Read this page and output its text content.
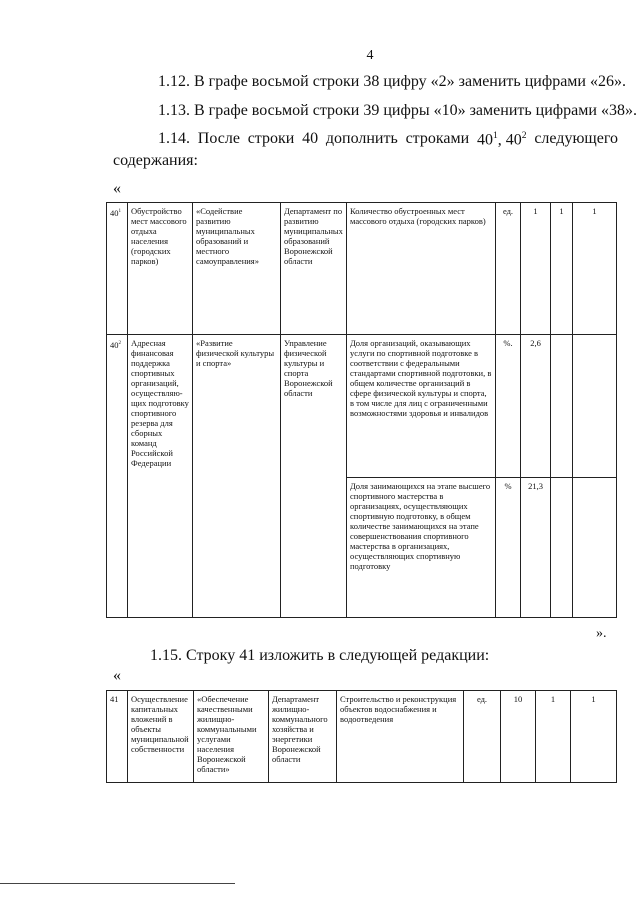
4
1.12. В графе восьмой строки 38 цифру «2» заменить цифрами «26».
1.13. В графе восьмой строки 39 цифры «10» заменить цифрами «38».
1.14. После строки 40 дополнить строками $40^1$, $40^2$ следующего
содержания:
«
$40^1$	Обустройство мест массового отдыха населения (городских парков)	«Содействие развитию муниципальных образований и местного самоуправления»	Департамент по развитию муниципальных образований Воронежской области	Количество обустроенных мест массового отдыха (городских парков)	ед.	1	1	1
$40^2$	Адресная финансовая поддержка спортивных организаций, осуществляю-щих подготовку спортивного резерва для сборных команд Российской Федерации	«Развитие физической культуры и спорта»	Управление физической культуры и спорта Воронежской области	Доля организаций, оказывающих услуги по спортивной подготовке в соответствии с федеральными стандартами спортивной подготовки, в общем количестве организаций в сфере физической культуры и спорта, в том числе для лиц с ограниченными возможностями здоровья и инвалидов	%.	2,6		
				Доля занимающихся на этапе высшего спортивного мастерства в организациях, осуществляющих спортивную подготовку, в общем количестве занимающихся на этапе совершенствования спортивного мастерства в организациях, осуществляющих спортивную подготовку	%	21,3		
».
1.15. Строку 41 изложить в следующей редакции:
«
41	Осуществление капитальных вложений в объекты муниципальной собственности	«Обеспечение качественными жилищно-коммунальными услугами населения Воронежской области»	Департамент жилищно-коммунального хозяйства и энергетики Воронежской области	Строительство и реконструкция объектов водоснабжения и водоотведения	ед.	10	1	1
